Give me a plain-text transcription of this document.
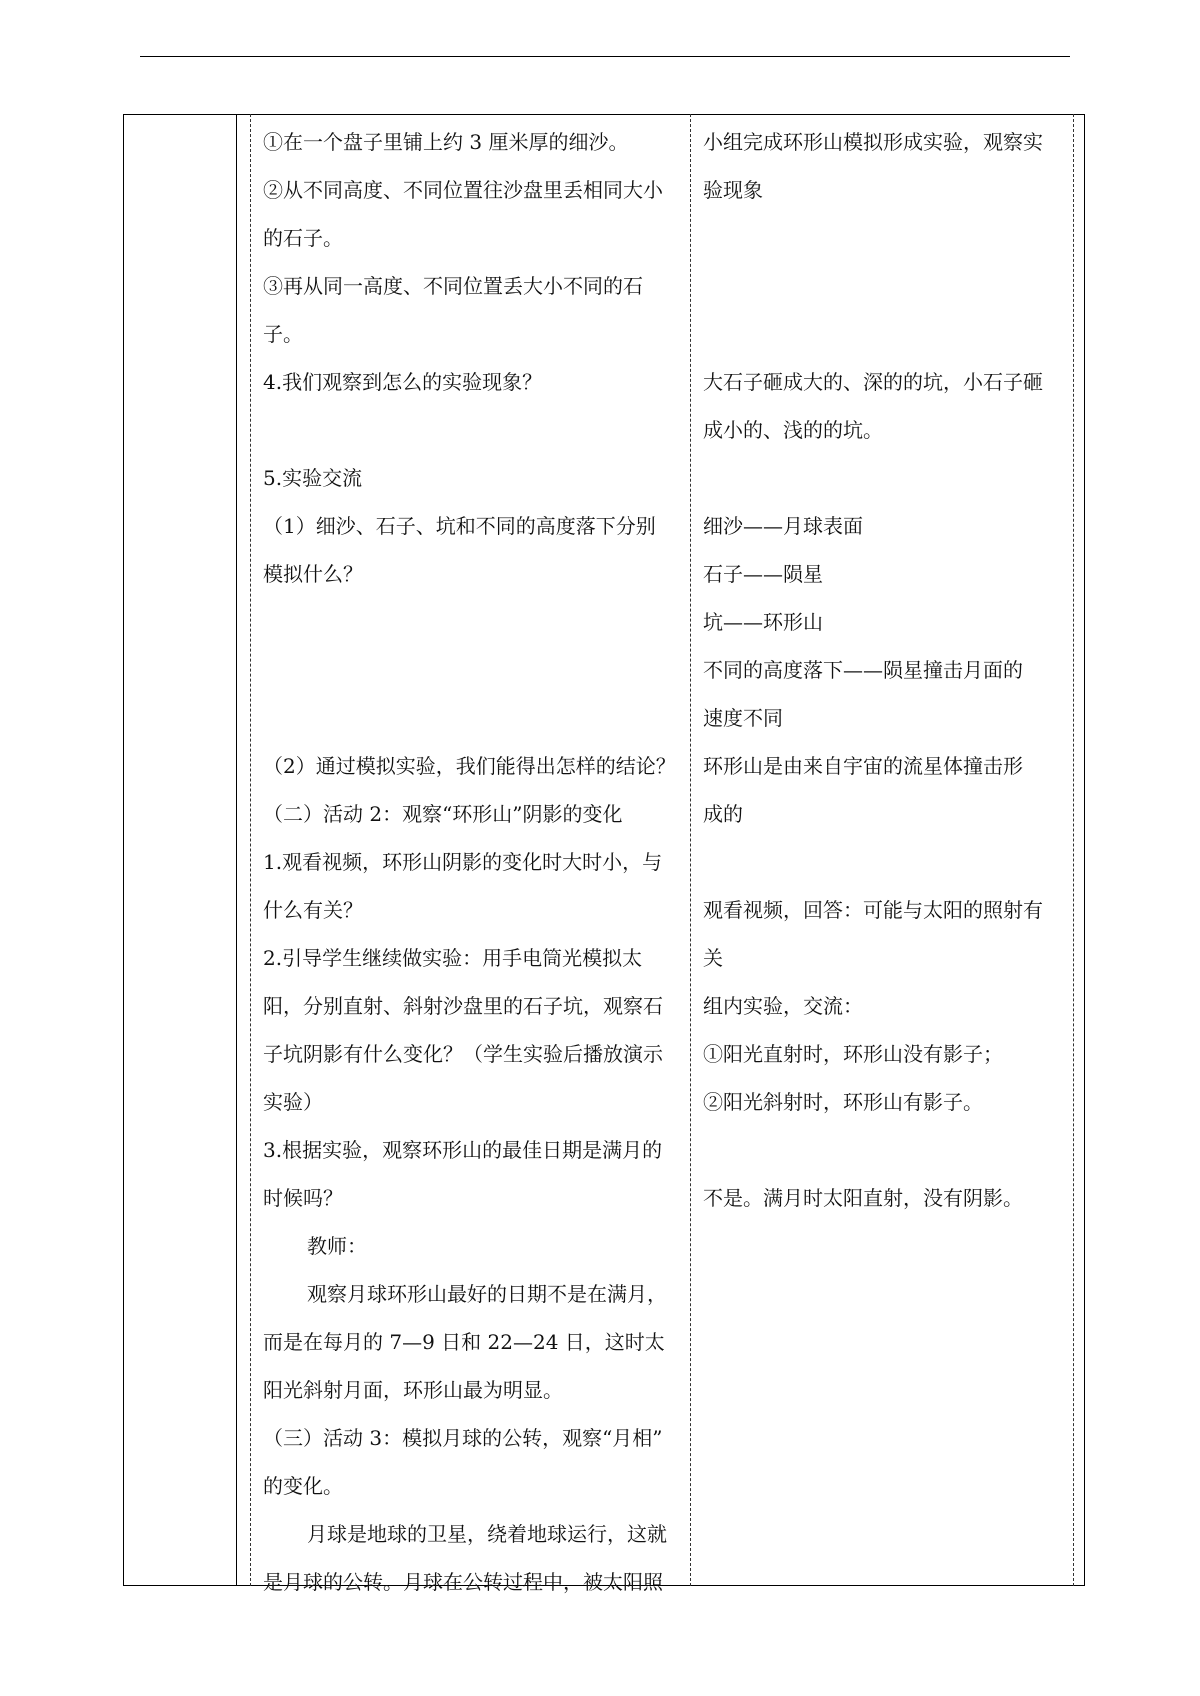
①在一个盘子里铺上约 3 厘米厚的细沙。
②从不同高度、不同位置往沙盘里丢相同大小
的石子。
③再从同一高度、不同位置丢大小不同的石
子。
4.我们观察到怎么的实验现象？
5.实验交流
（1）细沙、石子、坑和不同的高度落下分别
模拟什么？
（2）通过模拟实验，我们能得出怎样的结论？
（二）活动 2：观察“环形山”阴影的变化
1.观看视频，环形山阴影的变化时大时小，与
什么有关？
2.引导学生继续做实验：用手电筒光模拟太
阳，分别直射、斜射沙盘里的石子坑，观察石
子坑阴影有什么变化？（学生实验后播放演示
实验）
3.根据实验，观察环形山的最佳日期是满月的
时候吗？
教师：
观察月球环形山最好的日期不是在满月，
而是在每月的 7—9 日和 22—24 日，这时太
阳光斜射月面，环形山最为明显。
（三）活动 3：模拟月球的公转，观察“月相”
的变化。
月球是地球的卫星，绕着地球运行，这就
是月球的公转。月球在公转过程中，被太阳照
小组完成环形山模拟形成实验，观察实
验现象
大石子砸成大的、深的的坑，小石子砸
成小的、浅的的坑。
细沙——月球表面
石子——陨星
坑——环形山
不同的高度落下——陨星撞击月面的
速度不同
环形山是由来自宇宙的流星体撞击形
成的
观看视频，回答：可能与太阳的照射有
关
组内实验，交流：
①阳光直射时，环形山没有影子；
②阳光斜射时，环形山有影子。
不是。满月时太阳直射，没有阴影。
